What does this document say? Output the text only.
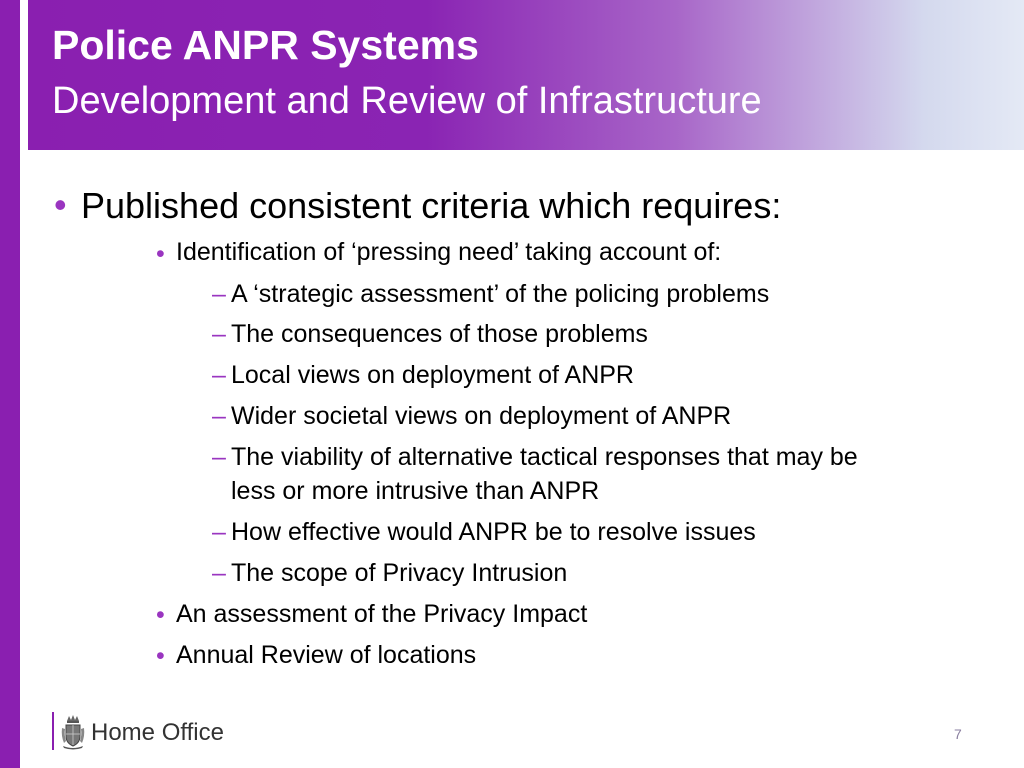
Police ANPR Systems
Development and Review of Infrastructure
• Published consistent criteria which requires:
• Identification of ‘pressing need’ taking account of:
– A ‘strategic assessment’ of the policing problems
– The consequences of those problems
– Local views on deployment of ANPR
– Wider societal views on deployment of ANPR
– The viability of alternative tactical responses that may be
less or more intrusive than ANPR
– How effective would ANPR be to resolve issues
– The scope of Privacy Intrusion
• An assessment of the Privacy Impact
• Annual Review of locations
Home Office	7
